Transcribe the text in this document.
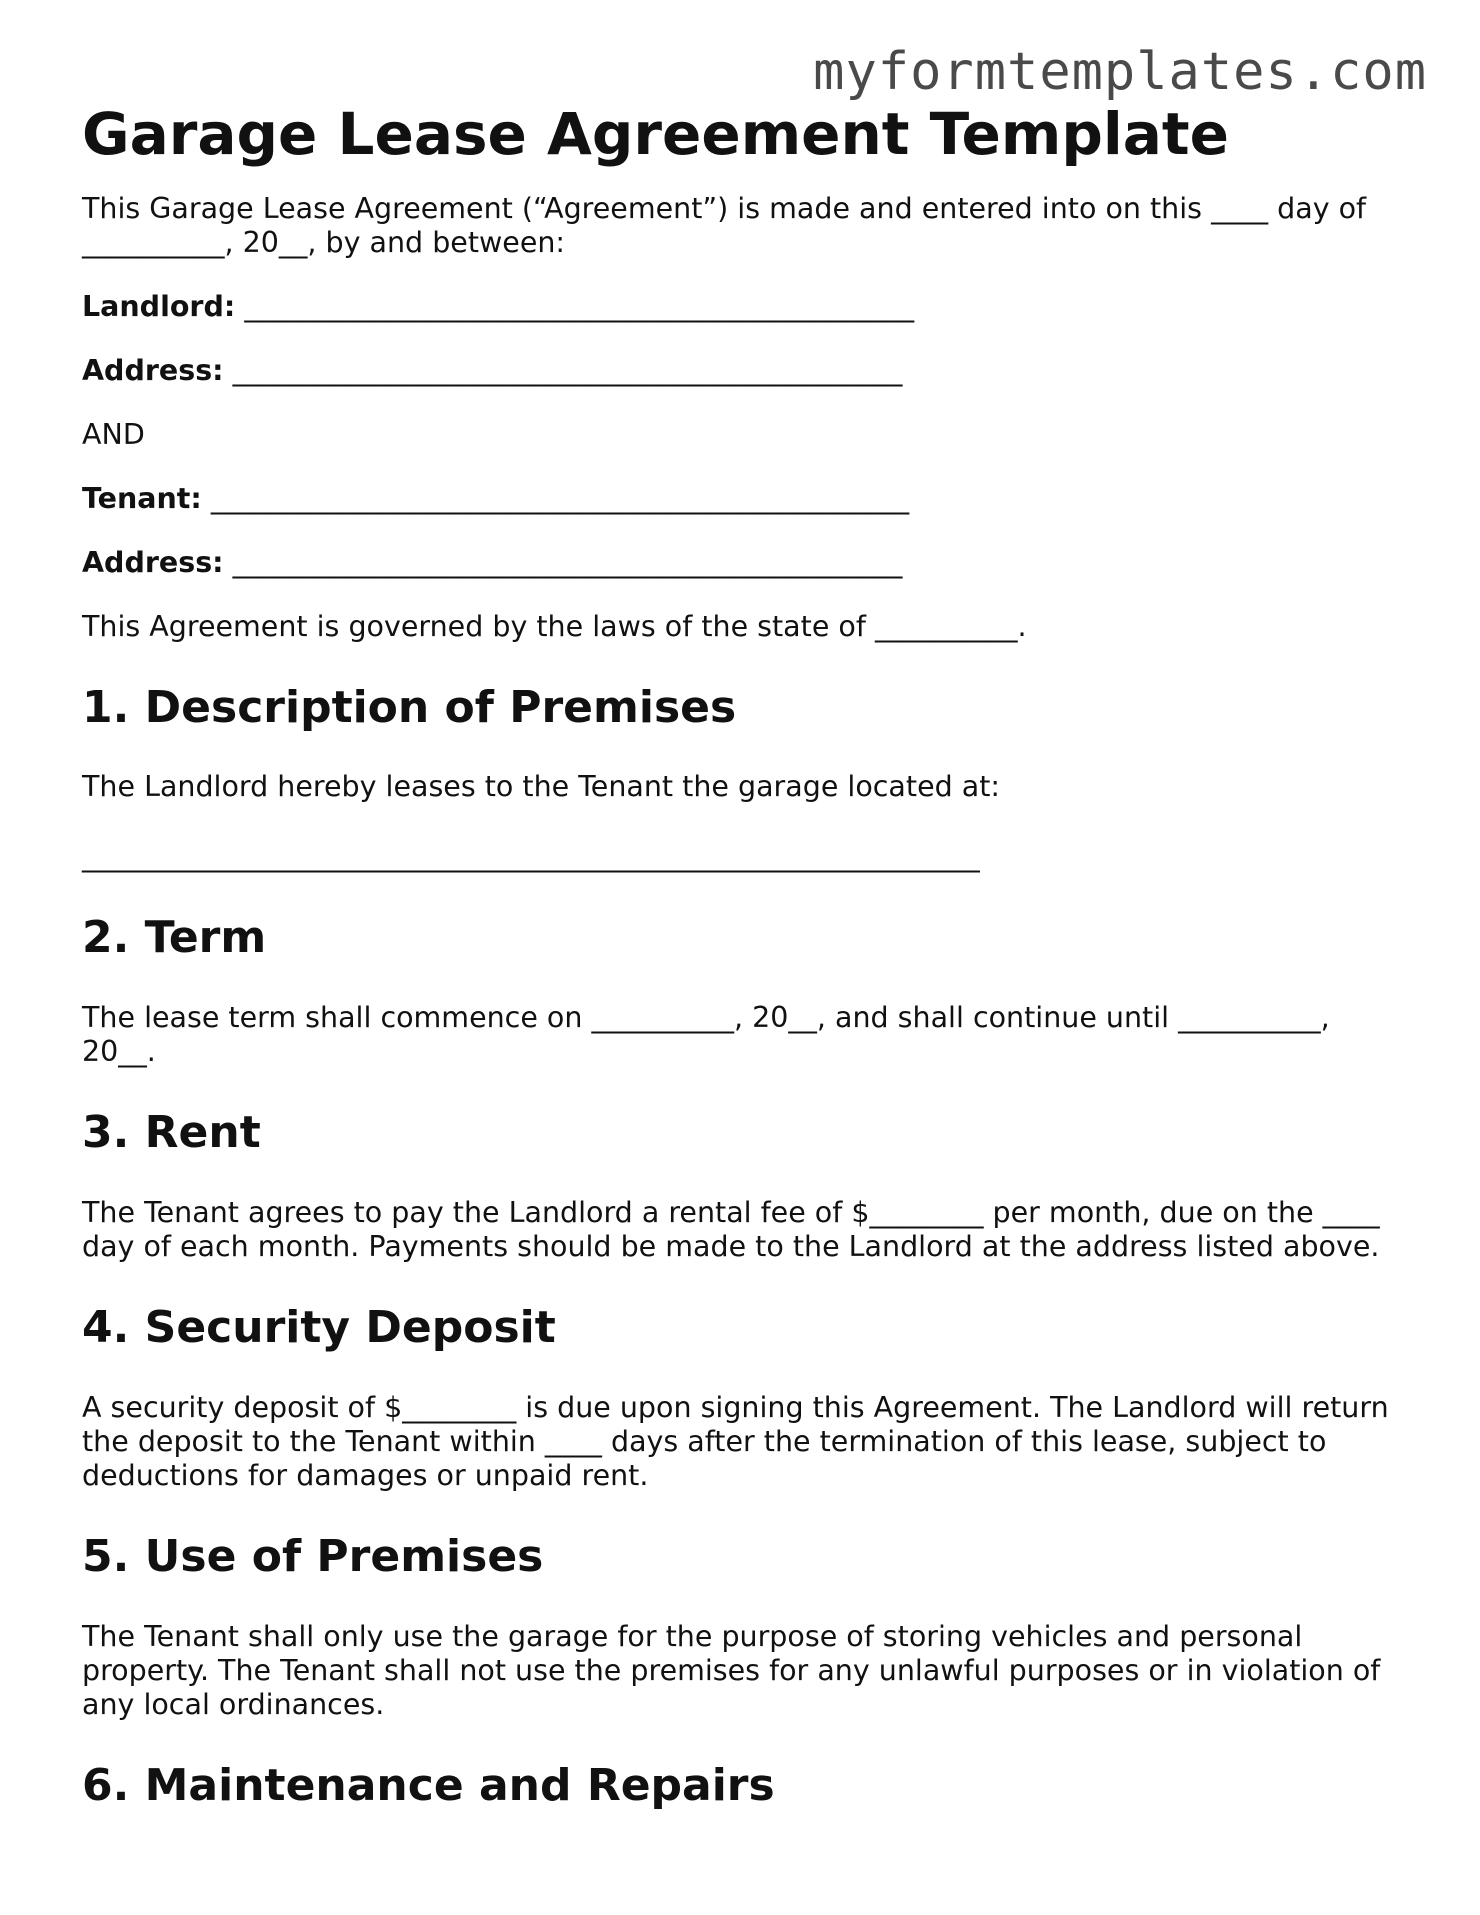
myformtemplates.com
Garage Lease Agreement Template

This Garage Lease Agreement (“Agreement”) is made and entered into on this ____ day of __________, 20__, by and between:

Landlord: _______________________________________________

Address: _______________________________________________

AND

Tenant: _________________________________________________

Address: _______________________________________________

This Agreement is governed by the laws of the state of __________.

1. Description of Premises

The Landlord hereby leases to the Tenant the garage located at:

_______________________________________________________________

2. Term

The lease term shall commence on __________, 20__, and shall continue until __________, 20__.

3. Rent

The Tenant agrees to pay the Landlord a rental fee of $________ per month, due on the ____ day of each month. Payments should be made to the Landlord at the address listed above.

4. Security Deposit

A security deposit of $________ is due upon signing this Agreement. The Landlord will return the deposit to the Tenant within ____ days after the termination of this lease, subject to deductions for damages or unpaid rent.

5. Use of Premises

The Tenant shall only use the garage for the purpose of storing vehicles and personal property. The Tenant shall not use the premises for any unlawful purposes or in violation of any local ordinances.

6. Maintenance and Repairs
